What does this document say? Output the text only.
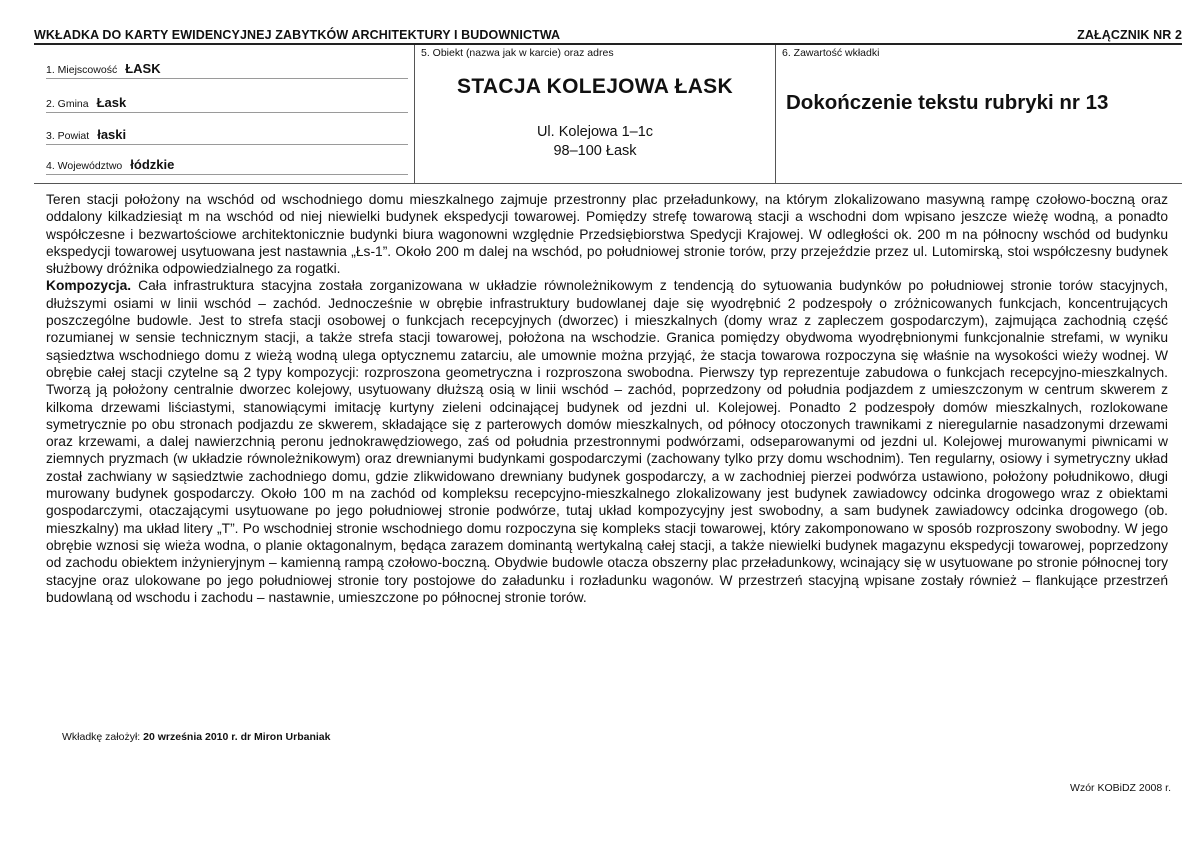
WKŁADKA DO KARTY EWIDENCYJNEJ ZABYTKÓW ARCHITEKTURY I BUDOWNICTWA	ZAŁĄCZNIK NR 2
1. Miejscowość ŁASK
2. Gmina Łask
3. Powiat łaski
4. Województwo łódzkie
5. Obiekt (nazwa jak w karcie) oraz adres
STACJA KOLEJOWA ŁASK
Ul. Kolejowa 1–1c
98–100 Łask
6. Zawartość wkładki
Dokończenie tekstu rubryki nr 13

Teren stacji położony na wschód od wschodniego domu mieszkalnego zajmuje przestronny plac przeładunkowy, na którym zlokalizowano masywną rampę czołowo-boczną oraz oddalony kilkadziesiąt m na wschód od niej niewielki budynek ekspedycji towarowej. Pomiędzy strefę towarową stacji a wschodni dom wpisano jeszcze wieżę wodną, a ponadto współczesne i bezwartościowe architektonicznie budynki biura wagonowni względnie Przedsiębiorstwa Spedycji Krajowej. W odległości ok. 200 m na północny wschód od budynku ekspedycji towarowej usytuowana jest nastawnia „Łs-1”. Około 200 m dalej na wschód, po południowej stronie torów, przy przejeździe przez ul. Lutomirską, stoi współczesny budynek służbowy dróżnika odpowiedzialnego za rogatki.

Kompozycja. Cała infrastruktura stacyjna została zorganizowana w układzie równoleżnikowym z tendencją do sytuowania budynków po południowej stronie torów stacyjnych, dłuższymi osiami w linii wschód – zachód. Jednocześnie w obrębie infrastruktury budowlanej daje się wyodrębnić 2 podzespoły o zróżnicowanych funkcjach, koncentrujących poszczególne budowle. Jest to strefa stacji osobowej o funkcjach recepcyjnych (dworzec) i mieszkalnych (domy wraz z zapleczem gospodarczym), zajmująca zachodnią część rozumianej w sensie technicznym stacji, a także strefa stacji towarowej, położona na wschodzie. Granica pomiędzy obydwoma wyodrębnionymi funkcjonalnie strefami, w wyniku sąsiedztwa wschodniego domu z wieżą wodną ulega optycznemu zatarciu, ale umownie można przyjąć, że stacja towarowa rozpoczyna się właśnie na wysokości wieży wodnej. W obrębie całej stacji czytelne są 2 typy kompozycji: rozproszona geometryczna i rozproszona swobodna. Pierwszy typ reprezentuje zabudowa o funkcjach recepcyjno-mieszkalnych. Tworzą ją położony centralnie dworzec kolejowy, usytuowany dłuższą osią w linii wschód – zachód, poprzedzony od południa podjazdem z umieszczonym w centrum skwerem z kilkoma drzewami liściastymi, stanowiącymi imitację kurtyny zieleni odcinającej budynek od jezdni ul. Kolejowej. Ponadto 2 podzespoły domów mieszkalnych, rozlokowane symetrycznie po obu stronach podjazdu ze skwerem, składające się z parterowych domów mieszkalnych, od północy otoczonych trawnikami z nieregularnie nasadzonymi drzewami oraz krzewami, a dalej nawierzchnią peronu jednokrawędziowego, zaś od południa przestronnymi podwórzami, odseparowanymi od jezdni ul. Kolejowej murowanymi piwnicami w ziemnych pryzmach (w układzie równoleżnikowym) oraz drewnianymi budynkami gospodarczymi (zachowany tylko przy domu wschodnim). Ten regularny, osiowy i symetryczny układ został zachwiany w sąsiedztwie zachodniego domu, gdzie zlikwidowano drewniany budynek gospodarczy, a w zachodniej pierzei podwórza ustawiono, położony południkowo, długi murowany budynek gospodarczy. Około 100 m na zachód od kompleksu recepcyjno-mieszkalnego zlokalizowany jest budynek zawiadowcy odcinka drogowego wraz z obiektami gospodarczymi, otaczającymi usytuowane po jego południowej stronie podwórze, tutaj układ kompozycyjny jest swobodny, a sam budynek zawiadowcy odcinka drogowego (ob. mieszkalny) ma układ litery „T”. Po wschodniej stronie wschodniego domu rozpoczyna się kompleks stacji towarowej, który zakomponowano w sposób rozproszony swobodny. W jego obrębie wznosi się wieża wodna, o planie oktagonalnym, będąca zarazem dominantą wertykalną całej stacji, a także niewielki budynek magazynu ekspedycji towarowej, poprzedzony od zachodu obiektem inżynieryjnym – kamienną rampą czołowo-boczną. Obydwie budowle otacza obszerny plac przeładunkowy, wcinający się w usytuowane po stronie północnej tory stacyjne oraz ulokowane po jego południowej stronie tory postojowe do załadunku i rozładunku wagonów. W przestrzeń stacyjną wpisane zostały również – flankujące przestrzeń budowlaną od wschodu i zachodu – nastawnie, umieszczone po północnej stronie torów.

Wkładkę założył: 20 września 2010 r. dr Miron Urbaniak
Wzór KOBiDZ 2008 r.
